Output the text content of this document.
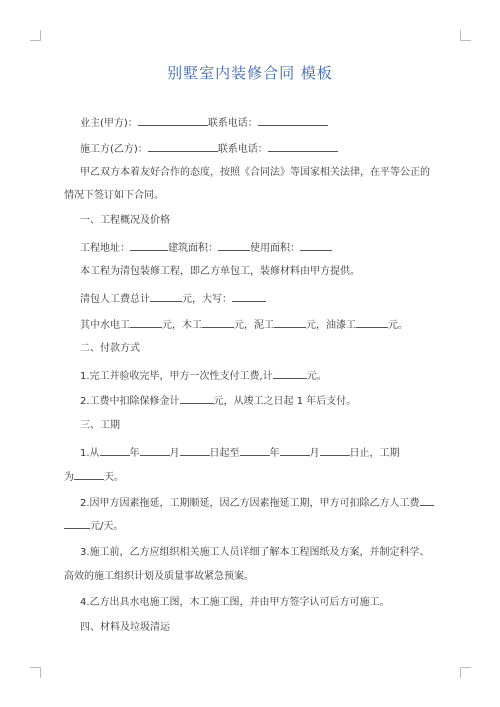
别墅室内装修合同 模板
业主(甲方)：	联系电话：
施工方(乙方)：	联系电话：
甲乙双方本着友好合作的态度，按照《合同法》等国家相关法律，在平等公正的
情况下签订如下合同。
一、工程概况及价格
工程地址：	建筑面积：	使用面积：
本工程为清包装修工程，即乙方单包工，装修材料由甲方提供。
清包人工费总计	元，大写：
其中水电工	元，木工	元，泥工	元，油漆工	元。
二、付款方式
1.完工并验收完毕，甲方一次性支付工费,计	元。
2.工费中扣除保修金计	元，从竣工之日起 1 年后支付。
三、工期
1.从	年	月	日起至	年	月	日止，工期
为	天。
2.因甲方因素拖延，工期顺延，因乙方因素拖延工期，甲方可扣除乙方人工费
元/天。
3.施工前，乙方应组织相关施工人员详细了解本工程图纸及方案，并制定科学、
高效的施工组织计划及质量事故紧急预案。
4.乙方出具水电施工图，木工施工图，并由甲方签字认可后方可施工。
四、材料及垃圾清运
